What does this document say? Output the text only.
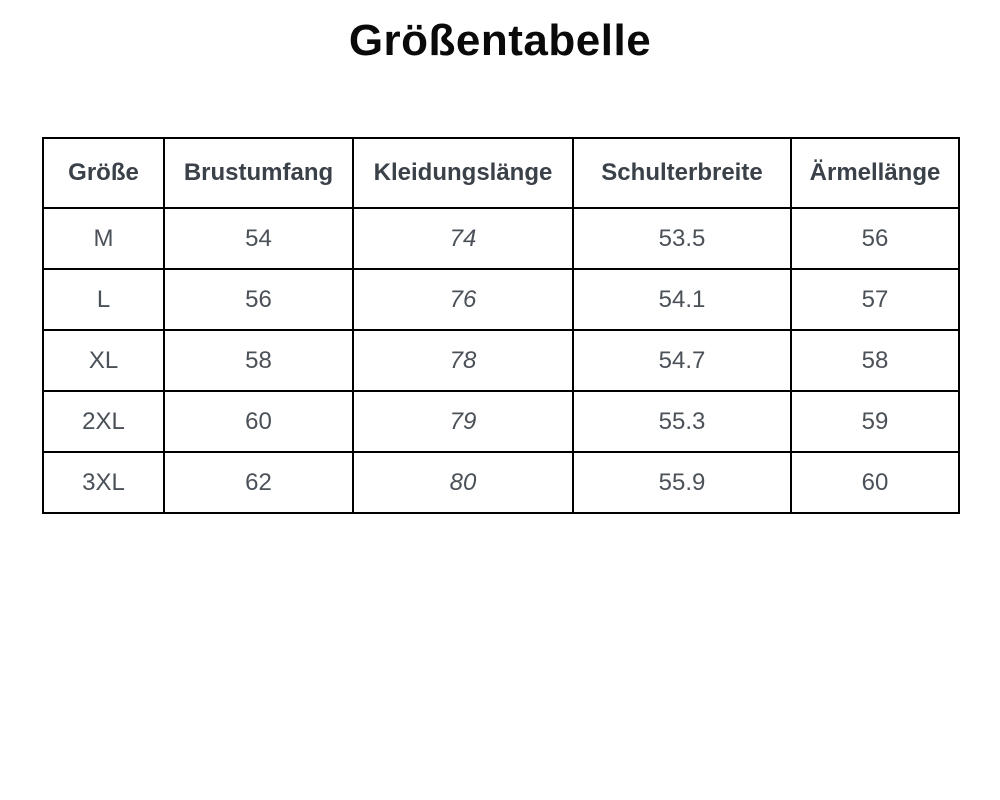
Größentabelle
Größe	Brustumfang	Kleidungslänge	Schulterbreite	Ärmellänge
M	54	74	53.5	56
L	56	76	54.1	57
XL	58	78	54.7	58
2XL	60	79	55.3	59
3XL	62	80	55.9	60
